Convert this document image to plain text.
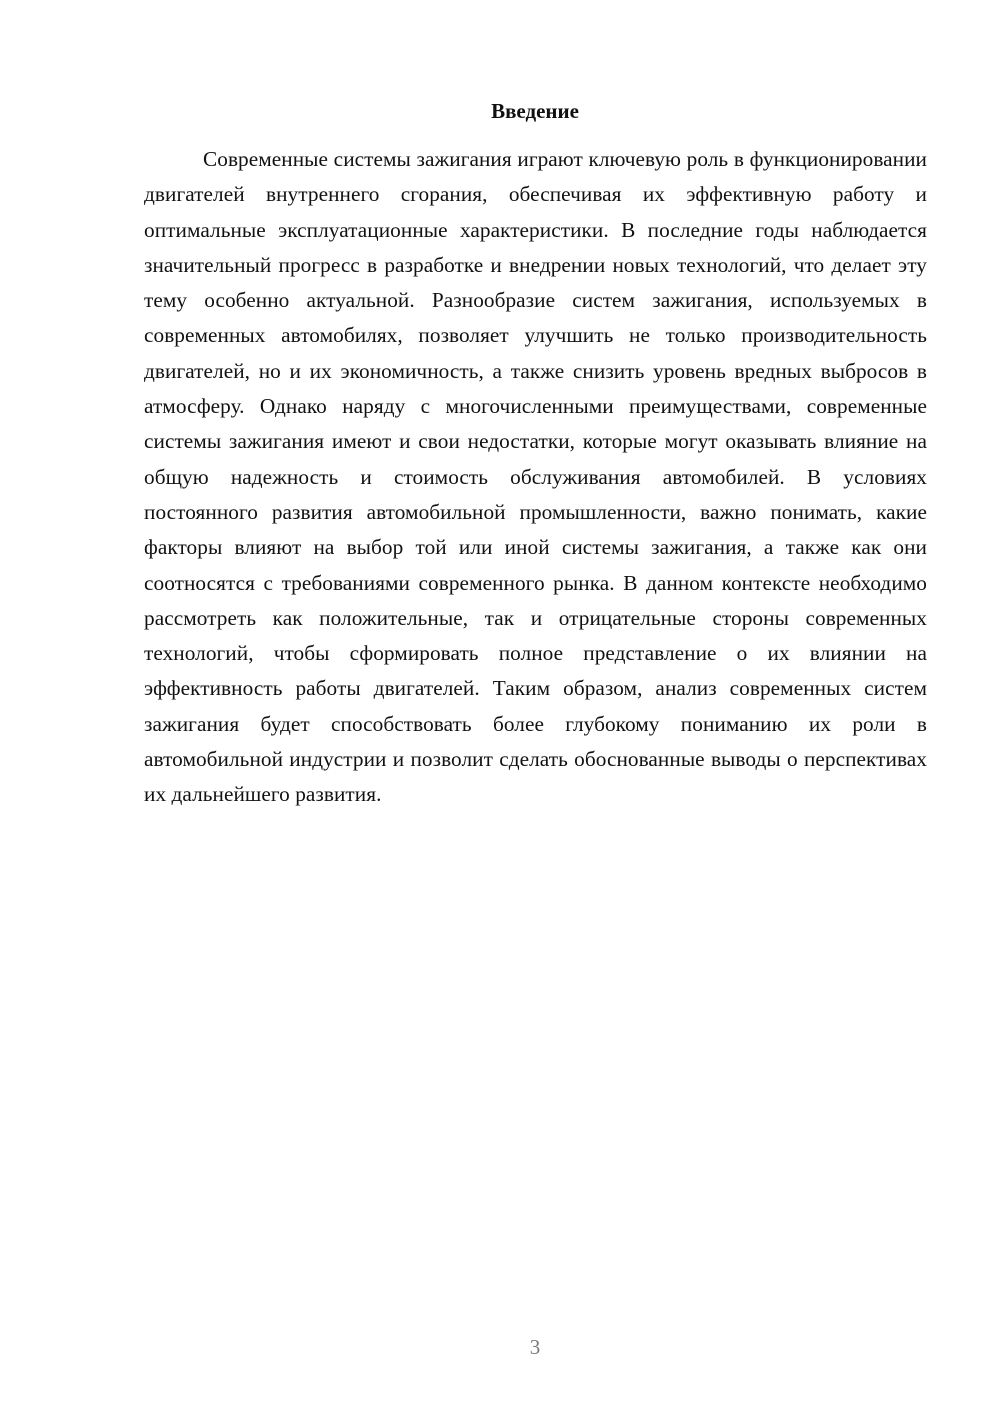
Введение

Современные системы зажигания играют ключевую роль в функционировании двигателей внутреннего сгорания, обеспечивая их эффективную работу и оптимальные эксплуатационные характеристики. В последние годы наблюдается значительный прогресс в разработке и внедрении новых технологий, что делает эту тему особенно актуальной. Разнообразие систем зажигания, используемых в современных автомобилях, позволяет улучшить не только производительность двигателей, но и их экономичность, а также снизить уровень вредных выбросов в атмосферу. Однако наряду с многочисленными преимуществами, современные системы зажигания имеют и свои недостатки, которые могут оказывать влияние на общую надежность и стоимость обслуживания автомобилей. В условиях постоянного развития автомобильной промышленности, важно понимать, какие факторы влияют на выбор той или иной системы зажигания, а также как они соотносятся с требованиями современного рынка. В данном контексте необходимо рассмотреть как положительные, так и отрицательные стороны современных технологий, чтобы сформировать полное представление о их влиянии на эффективность работы двигателей. Таким образом, анализ современных систем зажигания будет способствовать более глубокому пониманию их роли в автомобильной индустрии и позволит сделать обоснованные выводы о перспективах их дальнейшего развития.

3
